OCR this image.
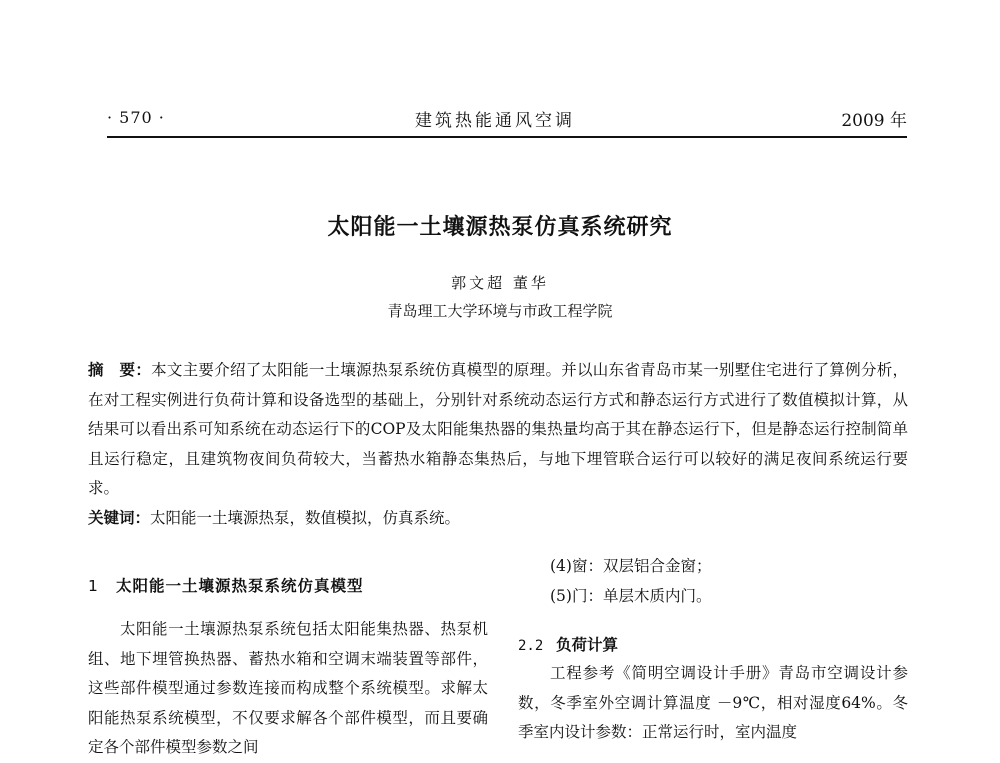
· 570 ·	建筑热能通风空调	2009 年
太阳能一土壤源热泵仿真系统研究
郭文超 董华
青岛理工大学环境与市政工程学院
摘　要：本文主要介绍了太阳能一土壤源热泵系统仿真模型的原理。并以山东省青岛市某一别墅住宅进行了算例分析，在对工程实例进行负荷计算和设备选型的基础上，分别针对系统动态运行方式和静态运行方式进行了数值模拟计算，从结果可以看出系可知系统在动态运行下的COP及太阳能集热器的集热量均高于其在静态运行下，但是静态运行控制简单且运行稳定，且建筑物夜间负荷较大，当蓄热水箱静态集热后，与地下埋管联合运行可以较好的满足夜间系统运行要求。
关键词：太阳能一土壤源热泵，数值模拟，仿真系统。
1 太阳能一土壤源热泵系统仿真模型
太阳能一土壤源热泵系统包括太阳能集热器、热泵机组、地下埋管换热器、蓄热水箱和空调末端装置等部件，这些部件模型通过参数连接而构成整个系统模型。求解太阳能热泵系统模型，不仅要求解各个部件模型，而且要确定各个部件模型参数之间
(4)窗：双层铝合金窗；
(5)门：单层木质内门。
2.2 负荷计算
工程参考《简明空调设计手册》青岛市空调设计参数，冬季室外空调计算温度 －9℃，相对湿度64%。冬季室内设计参数：正常运行时，室内温度
